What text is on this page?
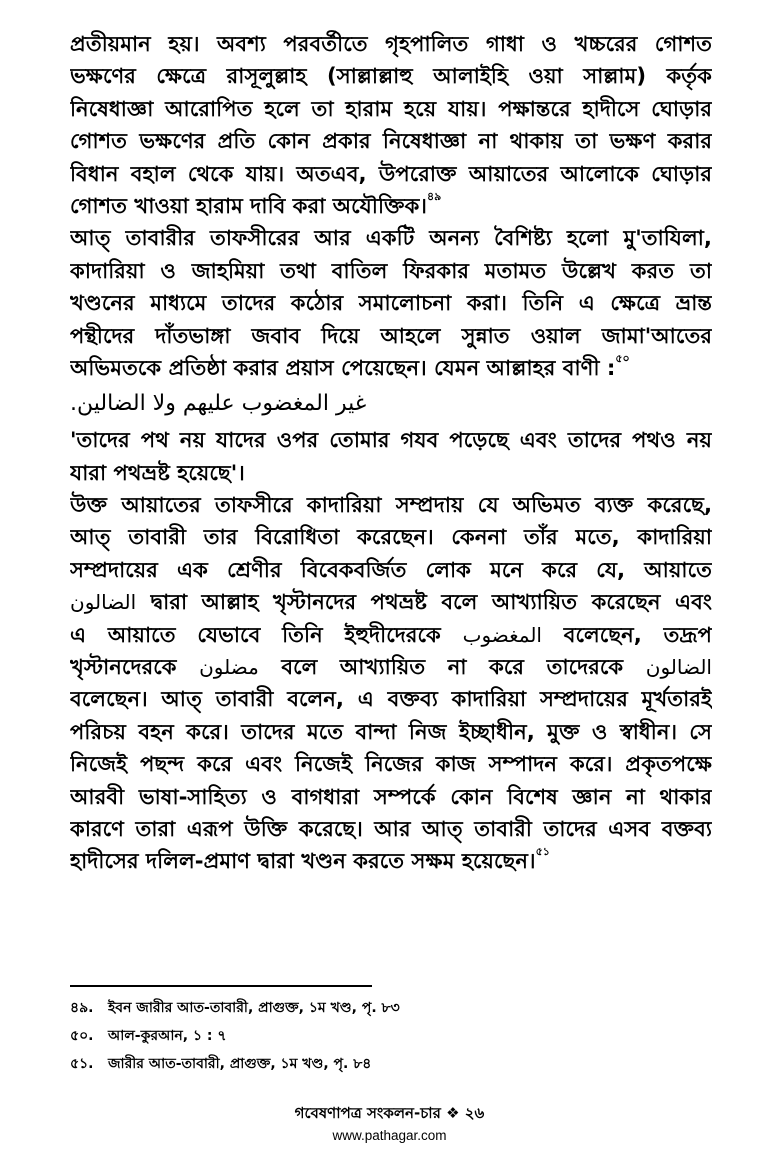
প্রতীয়মান হয়। অবশ্য পরবর্তীতে গৃহপালিত গাধা ও খচ্চরের গোশত
ভক্ষণের ক্ষেত্রে রাসূলুল্লাহ (সাল্লাল্লাহু আলাইহি ওয়া সাল্লাম) কর্তৃক
নিষেধাজ্ঞা আরোপিত হলে তা হারাম হয়ে যায়। পক্ষান্তরে হাদীসে ঘোড়ার
গোশত ভক্ষণের প্রতি কোন প্রকার নিষেধাজ্ঞা না থাকায় তা ভক্ষণ করার
বিধান বহাল থেকে যায়। অতএব, উপরোক্ত আয়াতের আলোকে ঘোড়ার
গোশত খাওয়া হারাম দাবি করা অযৌক্তিক।$^{৪৯}$
আত্ তাবারীর তাফসীরের আর একটি অনন্য বৈশিষ্ট্য হলো মু'তাযিলা,
কাদারিয়া ও জাহমিয়া তথা বাতিল ফিরকার মতামত উল্লেখ করত তা
খণ্ডনের মাধ্যমে তাদের কঠোর সমালোচনা করা। তিনি এ ক্ষেত্রে ভ্রান্ত
পন্থীদের দাঁতভাঙ্গা জবাব দিয়ে আহলে সুন্নাত ওয়াল জামা'আতের
অভিমতকে প্রতিষ্ঠা করার প্রয়াস পেয়েছেন। যেমন আল্লাহর বাণী :$^{৫০}$
غير المغضوب عليهم ولا الضالين.
'তাদের পথ নয় যাদের ওপর তোমার গযব পড়েছে এবং তাদের পথও নয়
যারা পথভ্রষ্ট হয়েছে'।
উক্ত আয়াতের তাফসীরে কাদারিয়া সম্প্রদায় যে অভিমত ব্যক্ত করেছে,
আত্ তাবারী তার বিরোধিতা করেছেন। কেননা তাঁর মতে, কাদারিয়া
সম্প্রদায়ের এক শ্রেণীর বিবেকবর্জিত লোক মনে করে যে, আয়াতে
الضالون দ্বারা আল্লাহ খৃস্টানদের পথভ্রষ্ট বলে আখ্যায়িত করেছেন এবং
এ আয়াতে যেভাবে তিনি ইহুদীদেরকে المغضوب বলেছেন, তদ্রূপ
খৃস্টানদেরকে مضلون বলে আখ্যায়িত না করে তাদেরকে الضالون
বলেছেন। আত্ তাবারী বলেন, এ বক্তব্য কাদারিয়া সম্প্রদায়ের মূর্খতারই
পরিচয় বহন করে। তাদের মতে বান্দা নিজ ইচ্ছাধীন, মুক্ত ও স্বাধীন। সে
নিজেই পছন্দ করে এবং নিজেই নিজের কাজ সম্পাদন করে। প্রকৃতপক্ষে
আরবী ভাষা-সাহিত্য ও বাগধারা সম্পর্কে কোন বিশেষ জ্ঞান না থাকার
কারণে তারা এরূপ উক্তি করেছে। আর আত্ তাবারী তাদের এসব বক্তব্য
হাদীসের দলিল-প্রমাণ দ্বারা খণ্ডন করতে সক্ষম হয়েছেন।$^{৫১}$
৪৯. ইবন জারীর আত-তাবারী, প্রাগুক্ত, ১ম খণ্ড, পৃ. ৮৩
৫০. আল-কুরআন, ১ : ৭
৫১. জারীর আত-তাবারী, প্রাগুক্ত, ১ম খণ্ড, পৃ. ৮৪
গবেষণাপত্র সংকলন-চার ❖ ২৬
www.pathagar.com
